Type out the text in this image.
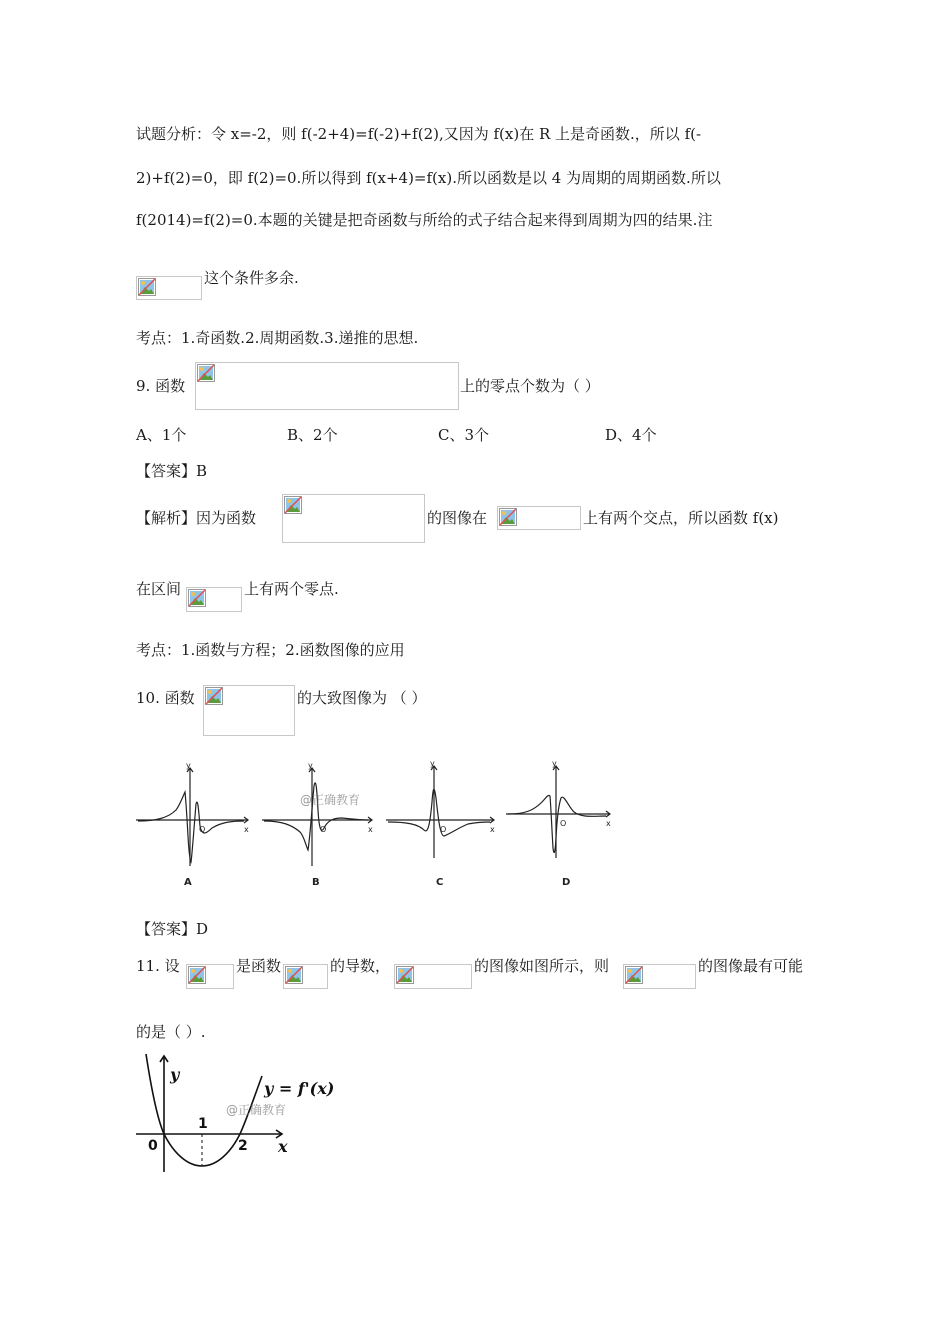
试题分析：令 x=-2，则 f(-2+4)=f(-2)+f(2),又因为 f(x)在 R 上是奇函数.，所以 f(-
2)+f(2)=0，即 f(2)=0.所以得到 f(x+4)=f(x).所以函数是以 4 为周期的周期函数.所以
f(2014)=f(2)=0.本题的关键是把奇函数与所给的式子结合起来得到周期为四的结果.注
这个条件多余.
考点：1.奇函数.2.周期函数.3.递推的思想.
9. 函数	上的零点个数为（ ）
A、1个	B、2个	C、3个	D、4个
【答案】B
【解析】因为函数	的图像在	上有两个交点，所以函数 f(x)
在区间	上有两个零点.
考点：1.函数与方程；2.函数图像的应用
10. 函数	的大致图像为 （ ）
y
x
O
y
x
O
y
x
O
y
x
O
@正确教育
A	B	C	D
【答案】D
11. 设	是函数	的导数，	的图像如图所示，则	的图像最有可能
的是（ ）.
y
x
y = f'(x)
1
2
0
@正确教育
